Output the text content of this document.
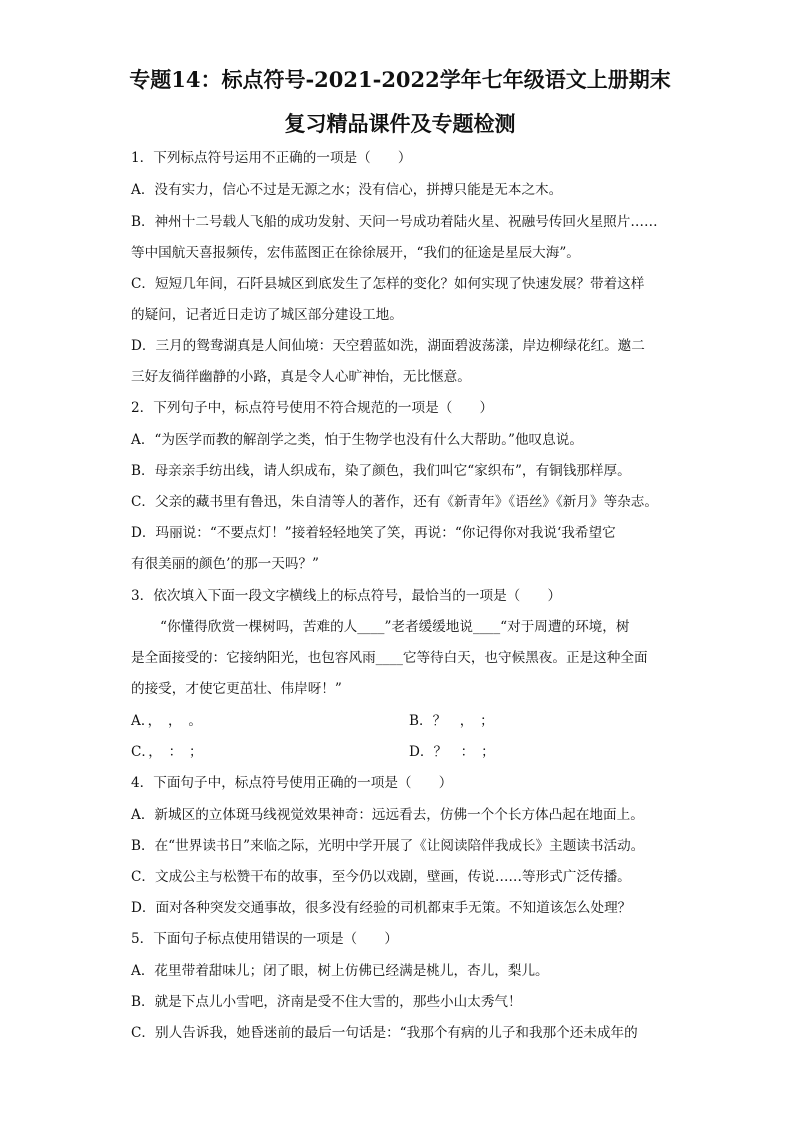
专题14：标点符号-2021-2022学年七年级语文上册期末
复习精品课件及专题检测
1．下列标点符号运用不正确的一项是（　　）
A．没有实力，信心不过是无源之水；没有信心，拼搏只能是无本之木。
B．神州十二号载人飞船的成功发射、天问一号成功着陆火星、祝融号传回火星照片……
等中国航天喜报频传，宏伟蓝图正在徐徐展开，“我们的征途是星辰大海”。
C．短短几年间，石阡县城区到底发生了怎样的变化？如何实现了快速发展？带着这样
的疑问，记者近日走访了城区部分建设工地。
D．三月的鸳鸯湖真是人间仙境：天空碧蓝如洗，湖面碧波荡漾，岸边柳绿花红。邀二
三好友徜徉幽静的小路，真是令人心旷神怡，无比惬意。
2．下列句子中，标点符号使用不符合规范的一项是（　　）
A．“为医学而教的解剖学之类，怕于生物学也没有什么大帮助。”他叹息说。
B．母亲亲手纺出线，请人织成布，染了颜色，我们叫它“家织布”，有铜钱那样厚。
C．父亲的藏书里有鲁迅，朱自清等人的著作，还有《新青年》《语丝》《新月》等杂志。
D．玛丽说：“不要点灯！”接着轻轻地笑了笑，再说：“你记得你对我说‘我希望它
有很美丽的颜色’的那一天吗？”
3．依次填入下面一段文字横线上的标点符号，最恰当的一项是（　　）
“你懂得欣赏一棵树吗，苦难的人____”老者缓缓地说____“对于周遭的环境，树
是全面接受的：它接纳阳光，也包容风雨____它等待白天，也守候黑夜。正是这种全面
的接受，才使它更茁壮、伟岸呀！”
A．，　，　。	B．？　，　；
C．，　：　；	D．？　：　；
4．下面句子中，标点符号使用正确的一项是（　　）
A．新城区的立体斑马线视觉效果神奇：远远看去，仿佛一个个长方体凸起在地面上。
B．在“世界读书日”来临之际，光明中学开展了《让阅读陪伴我成长》主题读书活动。
C．文成公主与松赞干布的故事，至今仍以戏剧，壁画，传说……等形式广泛传播。
D．面对各种突发交通事故，很多没有经验的司机都束手无策。不知道该怎么处理？
5．下面句子标点使用错误的一项是（　　）
A．花里带着甜味儿；闭了眼，树上仿佛已经满是桃儿，杏儿，梨儿。
B．就是下点儿小雪吧，济南是受不住大雪的，那些小山太秀气！
C．别人告诉我，她昏迷前的最后一句话是：“我那个有病的儿子和我那个还未成年的
